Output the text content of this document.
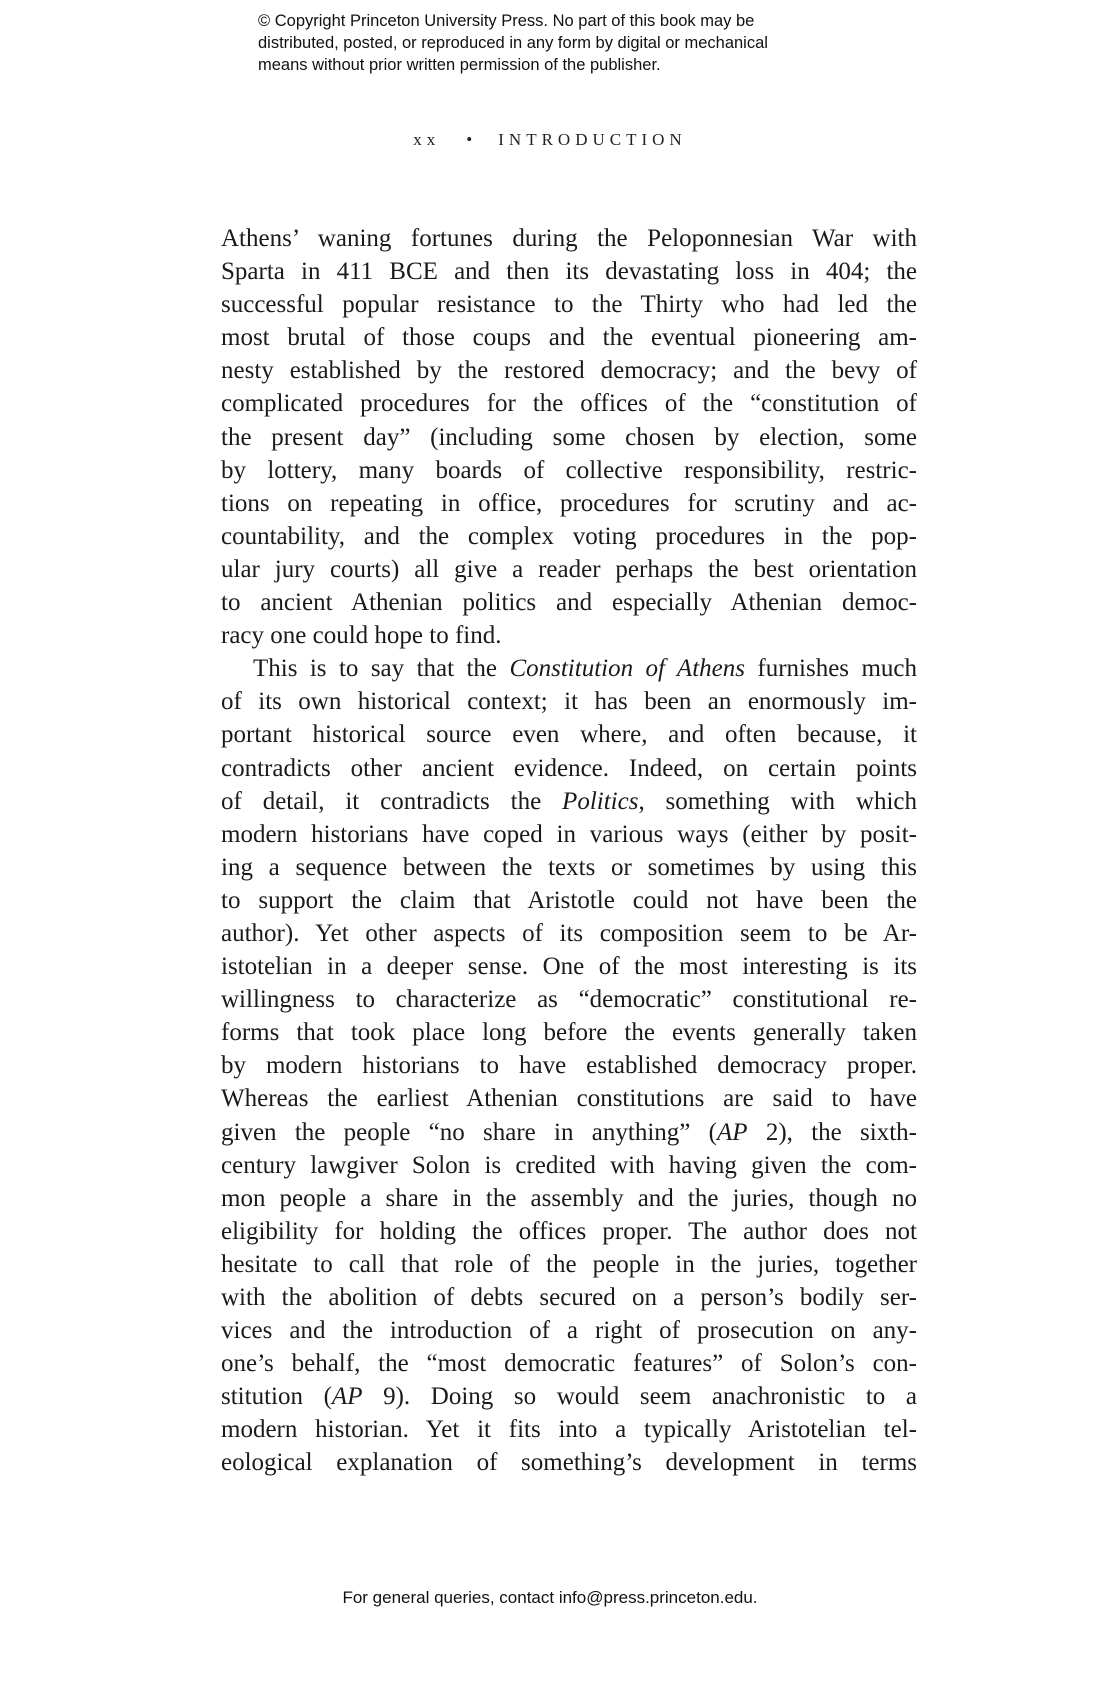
© Copyright Princeton University Press. No part of this book may be
distributed, posted, or reproduced in any form by digital or mechanical
means without prior written permission of the publisher.
xx • INTRODUCTION
Athens’ waning fortunes during the Peloponnesian War with
Sparta in 411 BCE and then its devastating loss in 404; the
successful popular resistance to the Thirty who had led the
most brutal of those coups and the eventual pioneering am-
nesty established by the restored democracy; and the bevy of
complicated procedures for the offices of the “constitution of
the present day” (including some chosen by election, some
by lottery, many boards of collective responsibility, restric-
tions on repeating in office, procedures for scrutiny and ac-
countability, and the complex voting procedures in the pop-
ular jury courts) all give a reader perhaps the best orientation
to ancient Athenian politics and especially Athenian democ-
racy one could hope to find.
This is to say that the Constitution of Athens furnishes much
of its own historical context; it has been an enormously im-
portant historical source even where, and often because, it
contradicts other ancient evidence. Indeed, on certain points
of detail, it contradicts the Politics, something with which
modern historians have coped in various ways (either by posit-
ing a sequence between the texts or sometimes by using this
to support the claim that Aristotle could not have been the
author). Yet other aspects of its composition seem to be Ar-
istotelian in a deeper sense. One of the most interesting is its
willingness to characterize as “democratic” constitutional re-
forms that took place long before the events generally taken
by modern historians to have established democracy proper.
Whereas the earliest Athenian constitutions are said to have
given the people “no share in anything” (AP 2), the sixth-
century lawgiver Solon is credited with having given the com-
mon people a share in the assembly and the juries, though no
eligibility for holding the offices proper. The author does not
hesitate to call that role of the people in the juries, together
with the abolition of debts secured on a person’s bodily ser-
vices and the introduction of a right of prosecution on any-
one’s behalf, the “most democratic features” of Solon’s con-
stitution (AP 9). Doing so would seem anachronistic to a
modern historian. Yet it fits into a typically Aristotelian tel-
eological explanation of something’s development in terms
For general queries, contact info@press.princeton.edu.
